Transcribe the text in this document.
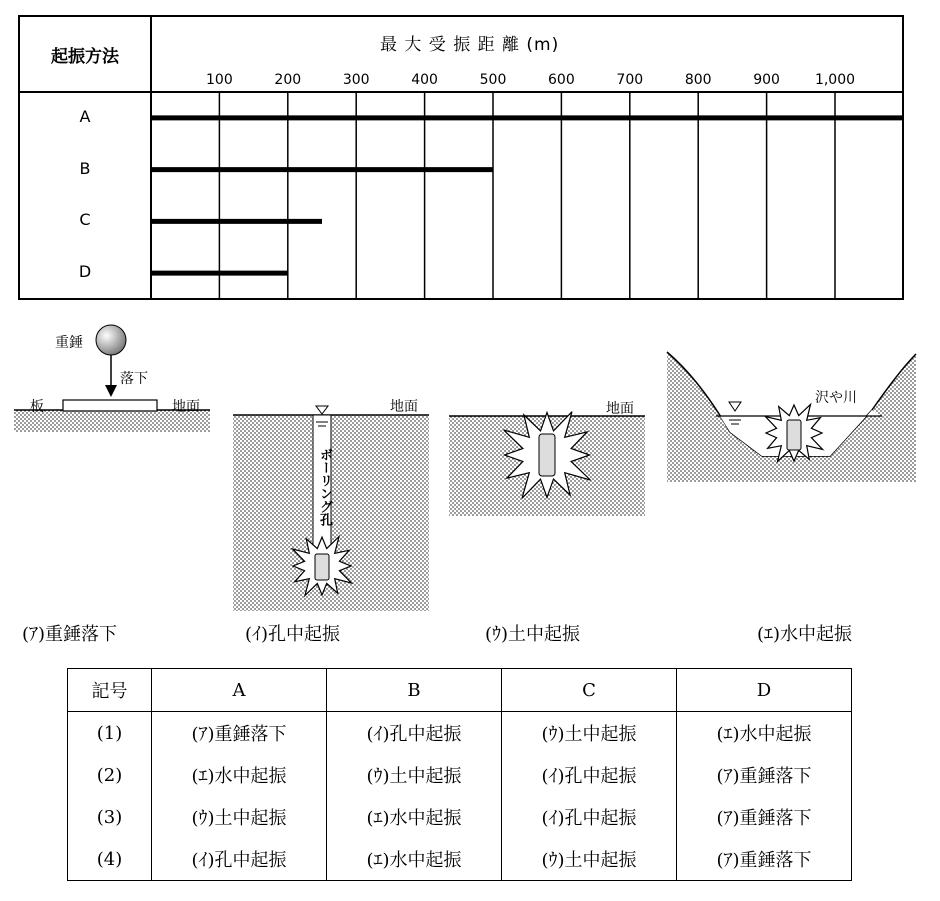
起振方法
最 大 受 振 距 離 (m)
100	200	300	400	500	600	700	800	900	1,000
A
B
C
D
重錘
落下
板	地面	地面
ボーリング孔
地面
沢や川
(ｱ)重錘落下	(ｲ)孔中起振	(ｳ)土中起振	(ｴ)水中起振
記号	A	B	C	D
(1)	(ｱ)重錘落下	(ｲ)孔中起振	(ｳ)土中起振	(ｴ)水中起振
(2)	(ｴ)水中起振	(ｳ)土中起振	(ｲ)孔中起振	(ｱ)重錘落下
(3)	(ｳ)土中起振	(ｴ)水中起振	(ｲ)孔中起振	(ｱ)重錘落下
(4)	(ｲ)孔中起振	(ｴ)水中起振	(ｳ)土中起振	(ｱ)重錘落下
